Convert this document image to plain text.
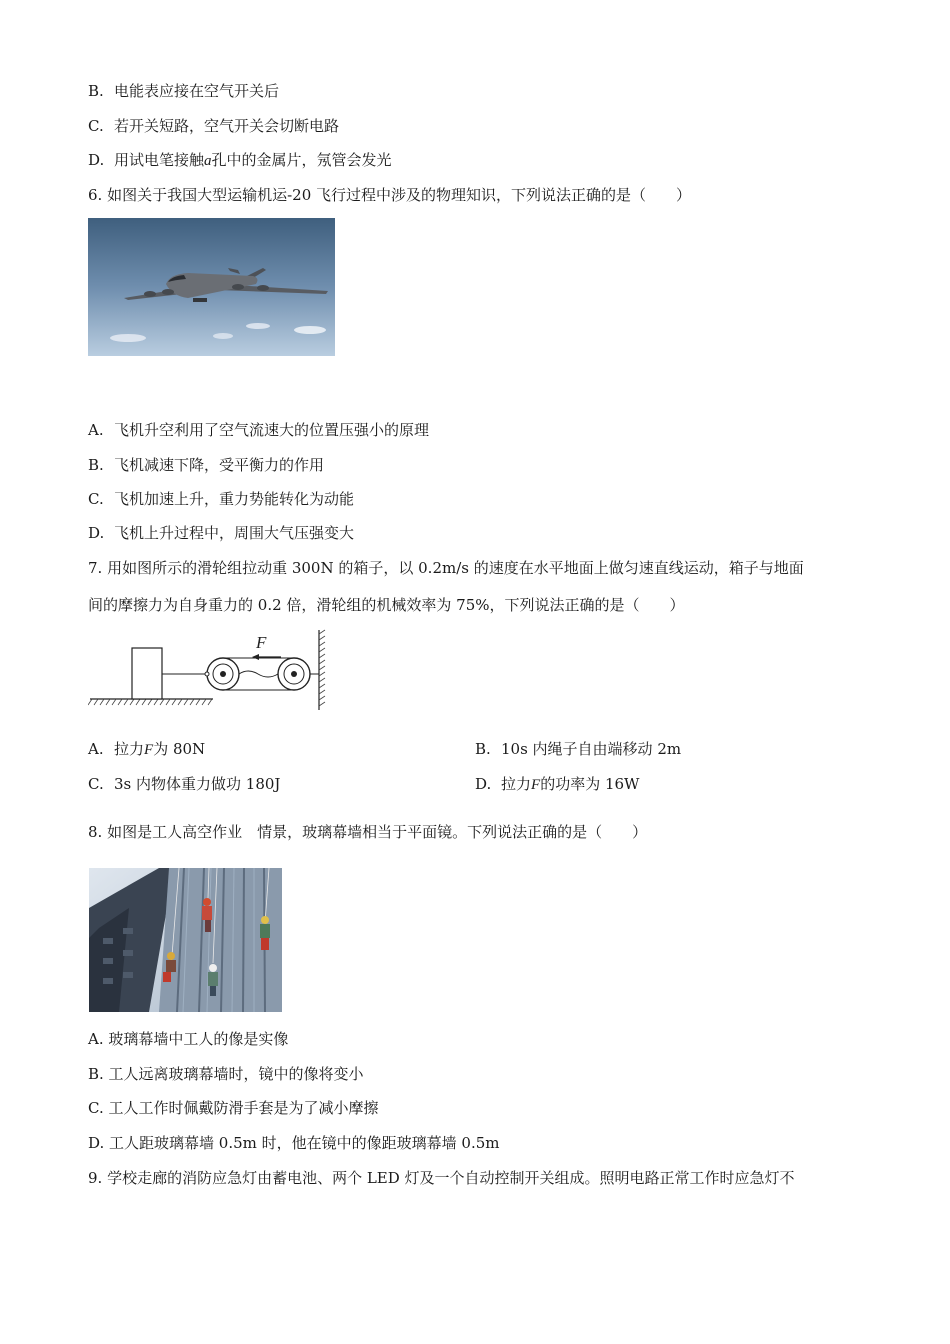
B. 电能表应接在空气开关后
C. 若开关短路，空气开关会切断电路
D. 用试电笔接触a孔中的金属片，氖管会发光
6. 如图关于我国大型运输机运-20 飞行过程中涉及的物理知识，下列说法正确的是（　　）
A. 飞机升空利用了空气流速大的位置压强小的原理
B. 飞机减速下降，受平衡力的作用
C. 飞机加速上升，重力势能转化为动能
D. 飞机上升过程中，周围大气压强变大
7. 用如图所示的滑轮组拉动重 300N 的箱子，以 0.2m/s 的速度在水平地面上做匀速直线运动，箱子与地面
间的摩擦力为自身重力的 0.2 倍，滑轮组的机械效率为 75%，下列说法正确的是（　　）
F
A. 拉力F为 80N	B. 10s 内绳子自由端移动 2m
C. 3s 内物体重力做功 180J	D. 拉力F的功率为 16W
8. 如图是工人高空作业　情景，玻璃幕墙相当于平面镜。下列说法正确的是（　　）
A. 玻璃幕墙中工人的像是实像
B. 工人远离玻璃幕墙时，镜中的像将变小
C. 工人工作时佩戴防滑手套是为了减小摩擦
D. 工人距玻璃幕墙 0.5m 时，他在镜中的像距玻璃幕墙 0.5m
9. 学校走廊的消防应急灯由蓄电池、两个 LED 灯及一个自动控制开关组成。照明电路正常工作时应急灯不
